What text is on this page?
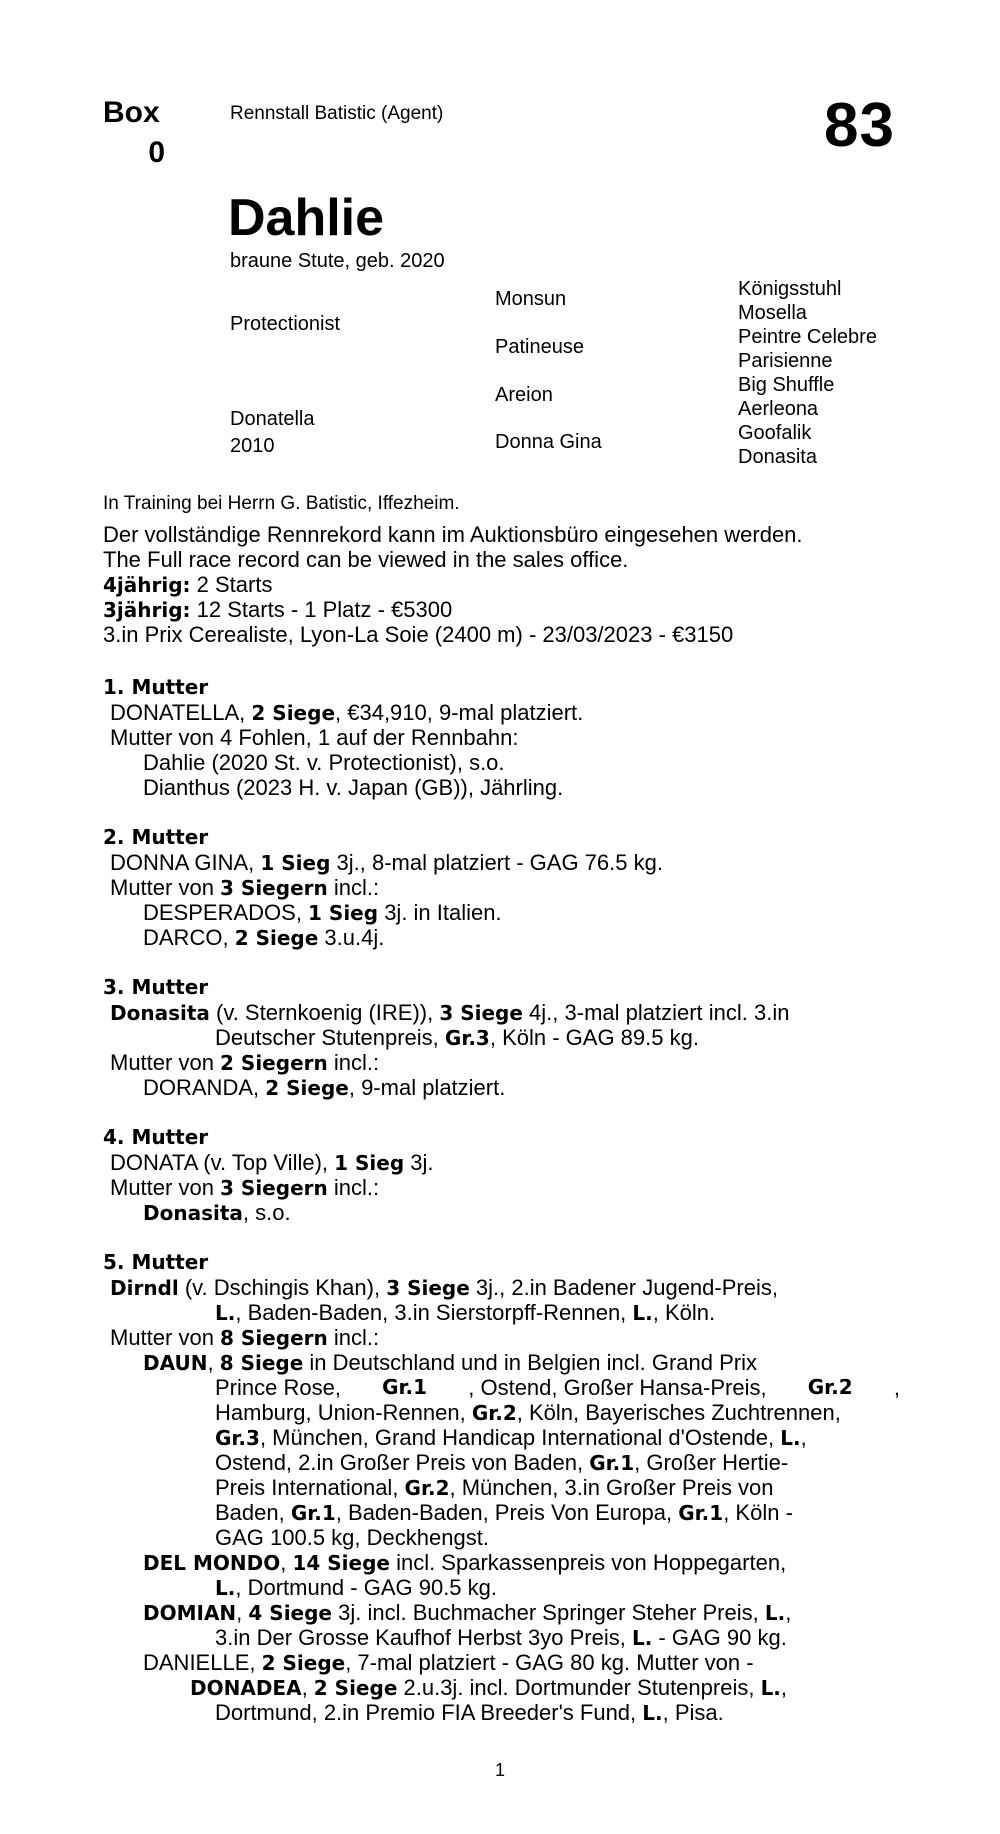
Box
0
Rennstall Batistic (Agent)	83
Dahlie
braune Stute, geb. 2020
Protectionist
Donatella
2010
Monsun
Patineuse
Areion
Donna Gina
Königsstuhl
Mosella
Peintre Celebre
Parisienne
Big Shuffle
Aerleona
Goofalik
Donasita
In Training bei Herrn G. Batistic, Iffezheim.
Der vollständige Rennrekord kann im Auktionsbüro eingesehen werden.
The Full race record can be viewed in the sales office.
4jährig: 2 Starts
3jährig: 12 Starts - 1 Platz - €5300
3.in Prix Cerealiste, Lyon-La Soie (2400 m) - 23/03/2023 - €3150
1. Mutter
DONATELLA, 2 Siege, €34,910, 9-mal platziert.
Mutter von 4 Fohlen, 1 auf der Rennbahn:
Dahlie (2020 St. v. Protectionist), s.o.
Dianthus (2023 H. v. Japan (GB)), Jährling.
2. Mutter
DONNA GINA, 1 Sieg 3j., 8-mal platziert - GAG 76.5 kg.
Mutter von 3 Siegern incl.:
DESPERADOS, 1 Sieg 3j. in Italien.
DARCO, 2 Siege 3.u.4j.
3. Mutter
Donasita (v. Sternkoenig (IRE)), 3 Siege 4j., 3-mal platziert incl. 3.in
Deutscher Stutenpreis, Gr.3, Köln - GAG 89.5 kg.
Mutter von 2 Siegern incl.:
DORANDA, 2 Siege, 9-mal platziert.
4. Mutter
DONATA (v. Top Ville), 1 Sieg 3j.
Mutter von 3 Siegern incl.:
Donasita, s.o.
5. Mutter
Dirndl (v. Dschingis Khan), 3 Siege 3j., 2.in Badener Jugend-Preis,
L., Baden-Baden, 3.in Sierstorpff-Rennen, L., Köln.
Mutter von 8 Siegern incl.:
DAUN, 8 Siege in Deutschland und in Belgien incl. Grand Prix
Prince Rose, Gr.1 , Ostend, Großer Hansa-Preis, Gr.2 ,
Hamburg, Union-Rennen, Gr.2, Köln, Bayerisches Zuchtrennen,
Gr.3, München, Grand Handicap International d'Ostende, L.,
Ostend, 2.in Großer Preis von Baden, Gr.1, Großer Hertie-
Preis International, Gr.2, München, 3.in Großer Preis von
Baden, Gr.1, Baden-Baden, Preis Von Europa, Gr.1, Köln -
GAG 100.5 kg, Deckhengst.
DEL MONDO, 14 Siege incl. Sparkassenpreis von Hoppegarten,
L., Dortmund - GAG 90.5 kg.
DOMIAN, 4 Siege 3j. incl. Buchmacher Springer Steher Preis, L.,
3.in Der Grosse Kaufhof Herbst 3yo Preis, L. - GAG 90 kg.
DANIELLE, 2 Siege, 7-mal platziert - GAG 80 kg. Mutter von -
DONADEA, 2 Siege 2.u.3j. incl. Dortmunder Stutenpreis, L.,
Dortmund, 2.in Premio FIA Breeder's Fund, L., Pisa.
1
